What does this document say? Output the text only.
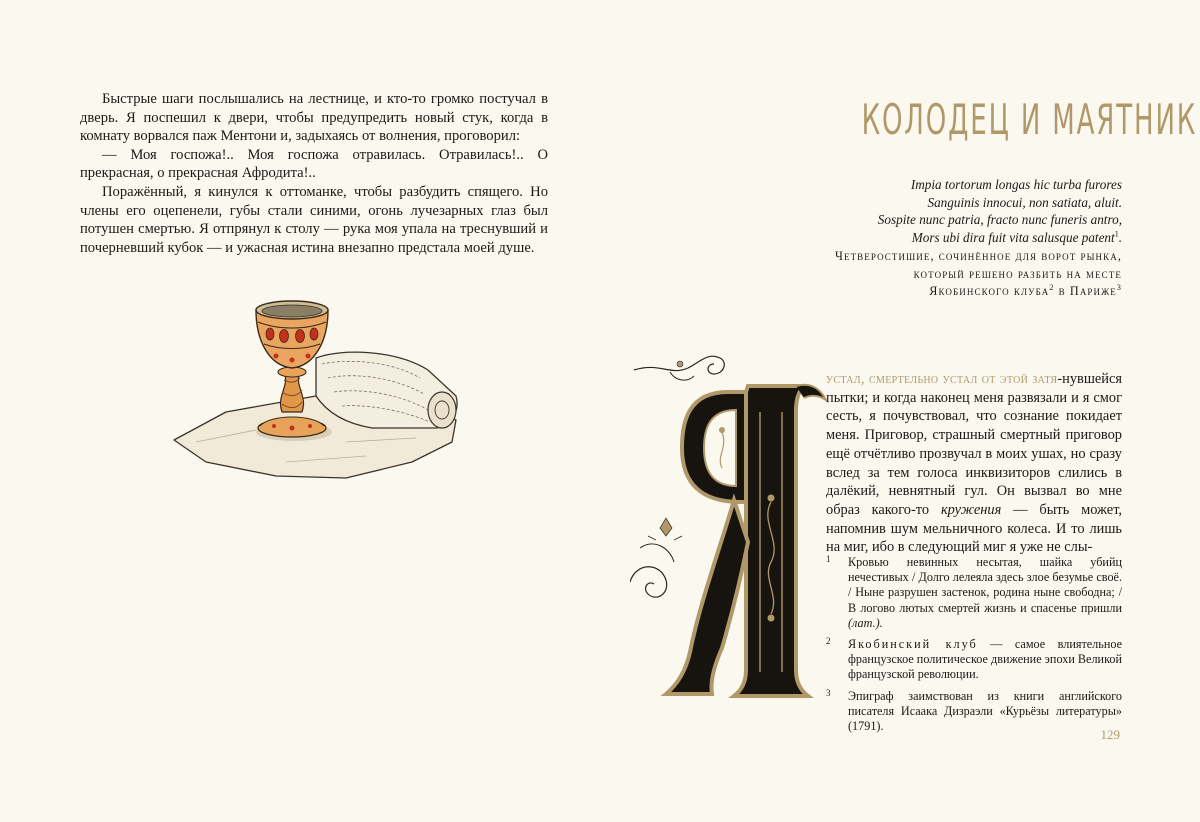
Быстрые шаги послышались на лестнице, и кто-то громко постучал в дверь. Я поспешил к двери, чтобы предупредить новый стук, когда в комнату ворвался паж Ментони и, задыхаясь от волнения, проговорил:

— Моя госпожа!.. Моя госпожа отравилась. Отравилась!.. О прекрасная, о прекрасная Афродита!..

Поражённый, я кинулся к оттоманке, чтобы разбудить спящего. Но члены его оцепенели, губы стали синими, огонь лучезарных глаз был потушен смертью. Я отпрянул к столу — рука моя упала на треснувший и почерневший кубок — и ужасная истина внезапно предстала моей душе.

КОЛОДЕЦ И МАЯТНИК
Impia tortorum longas hic turba furores
Sanguinis innocui, non satiata, aluit.
Sospite nunc patria, fracto nunc funeris antro,
Mors ubi dira fuit vita salusque patent$^1$.
Четверостишие, сочинённое для ворот рынка,
который решено разбить на месте
Якобинского клуба$^2$ в Париже$^3$

устал, смертельно устал от этой затя-нувшейся пытки; и когда наконец меня развязали и я смог сесть, я почувствовал, что сознание покидает меня. Приговор, страшный смертный приговор ещё отчётливо прозвучал в моих ушах, но сразу вслед за тем голоса инквизиторов слились в далёкий, невнятный гул. Он вызвал во мне образ какого-то кружения — быть может, напомнив шум мельничного колеса. И то лишь на миг, ибо в следующий миг я уже не слы-

1 Кровью невинных несытая, шайка убийц нечестивых / Долго лелеяла здесь злое безумье своё. / Ныне разрушен застенок, родина ныне свободна; / В логово лютых смертей жизнь и спасенье пришли (лат.).
2 Якобинский клуб — самое влиятельное французское политическое движение эпохи Великой французской революции.
3 Эпиграф заимствован из книги английского писателя Исаака Дизраэли «Курьёзы литературы» (1791).
129
